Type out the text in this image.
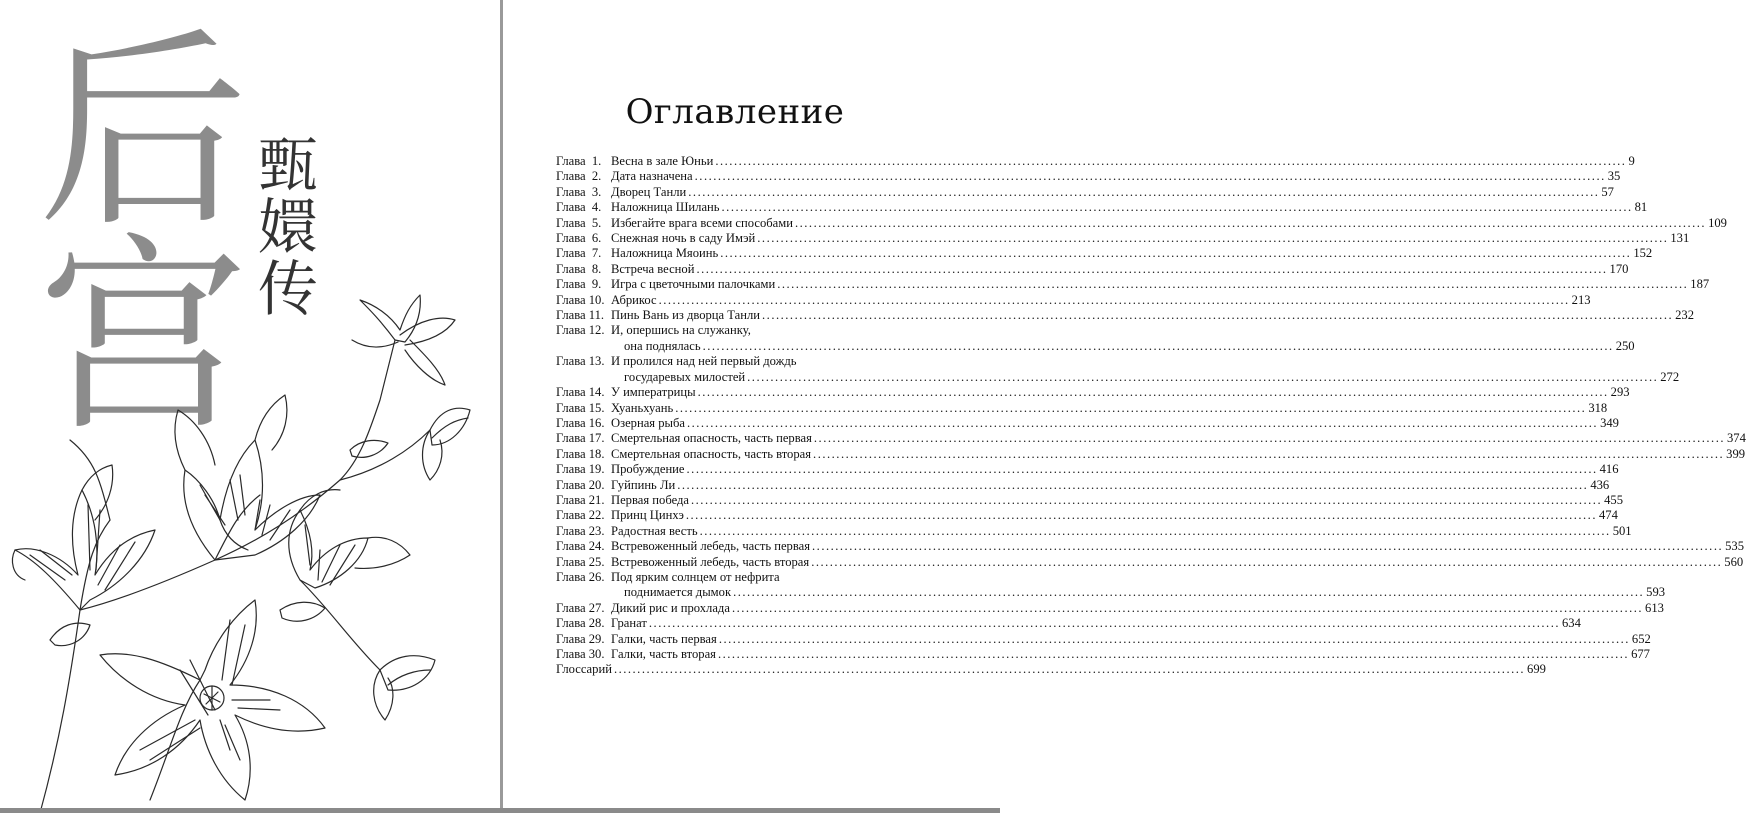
后
宫
甄
嬛
传
Оглавление
Глава 1. Весна в зале Юньи .....	9
Глава 2. Дата назначена .....	35
Глава 3. Дворец Танли .....	57
Глава 4. Наложница Шилань .....	81
Глава 5. Избегайте врага всеми способами .....	109
Глава 6. Снежная ночь в саду Имэй .....	131
Глава 7. Наложница Мяоинь .....	152
Глава 8. Встреча весной .....	170
Глава 9. Игра с цветочными палочками .....	187
Глава 10. Абрикос .....	213
Глава 11. Пинь Вань из дворца Танли .....	232
Глава 12. И, опершись на служанку,
она поднялась .....	250
Глава 13. И пролился над ней первый дождь
государевых милостей .....	272
Глава 14. У императрицы .....	293
Глава 15. Хуаньхуань .....	318
Глава 16. Озерная рыба .....	349
Глава 17. Смертельная опасность, часть первая .....	374
Глава 18. Смертельная опасность, часть вторая .....	399
Глава 19. Пробуждение .....	416
Глава 20. Гуйпинь Ли .....	436
Глава 21. Первая победа .....	455
Глава 22. Принц Цинхэ .....	474
Глава 23. Радостная весть .....	501
Глава 24. Встревоженный лебедь, часть первая .....	535
Глава 25. Встревоженный лебедь, часть вторая .....	560
Глава 26. Под ярким солнцем от нефрита
поднимается дымок .....	593
Глава 27. Дикий рис и прохлада .....	613
Глава 28. Гранат .....	634
Глава 29. Галки, часть первая .....	652
Глава 30. Галки, часть вторая .....	677
Глоссарий .....	699
